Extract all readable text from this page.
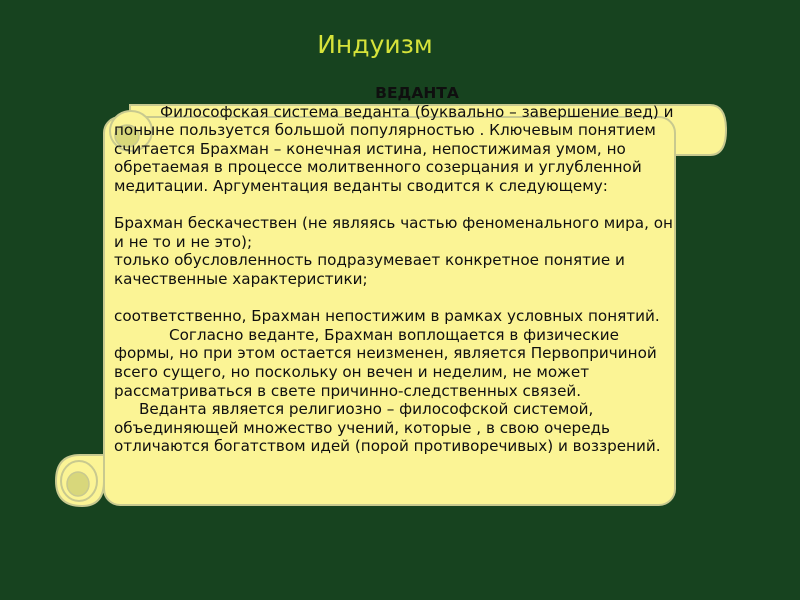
Индуизм
ВЕДАНТА

Философская система веданта (буквально – завершение вед) и поныне пользуется большой популярностью . Ключевым понятием считается Брахман – конечная истина, непостижимая умом, но обретаемая в процессе молитвенного созерцания и углубленной медитации. Аргументация веданты сводится к следующему:

Брахман бескачествен (не являясь частью феноменального мира, он и не то и не это);

только обусловленность подразумевает конкретное понятие и качественные характеристики;

соответственно, Брахман непостижим в рамках условных понятий.

Согласно веданте, Брахман воплощается в физические формы, но при этом остается неизменен, является Первопричиной всего сущего, но поскольку он вечен и неделим, не может рассматриваться в свете причинно-следственных связей.

Веданта является религиозно – философской системой, объединяющей множество учений, которые , в свою очередь отличаются богатством идей (порой противоречивых) и воззрений.
